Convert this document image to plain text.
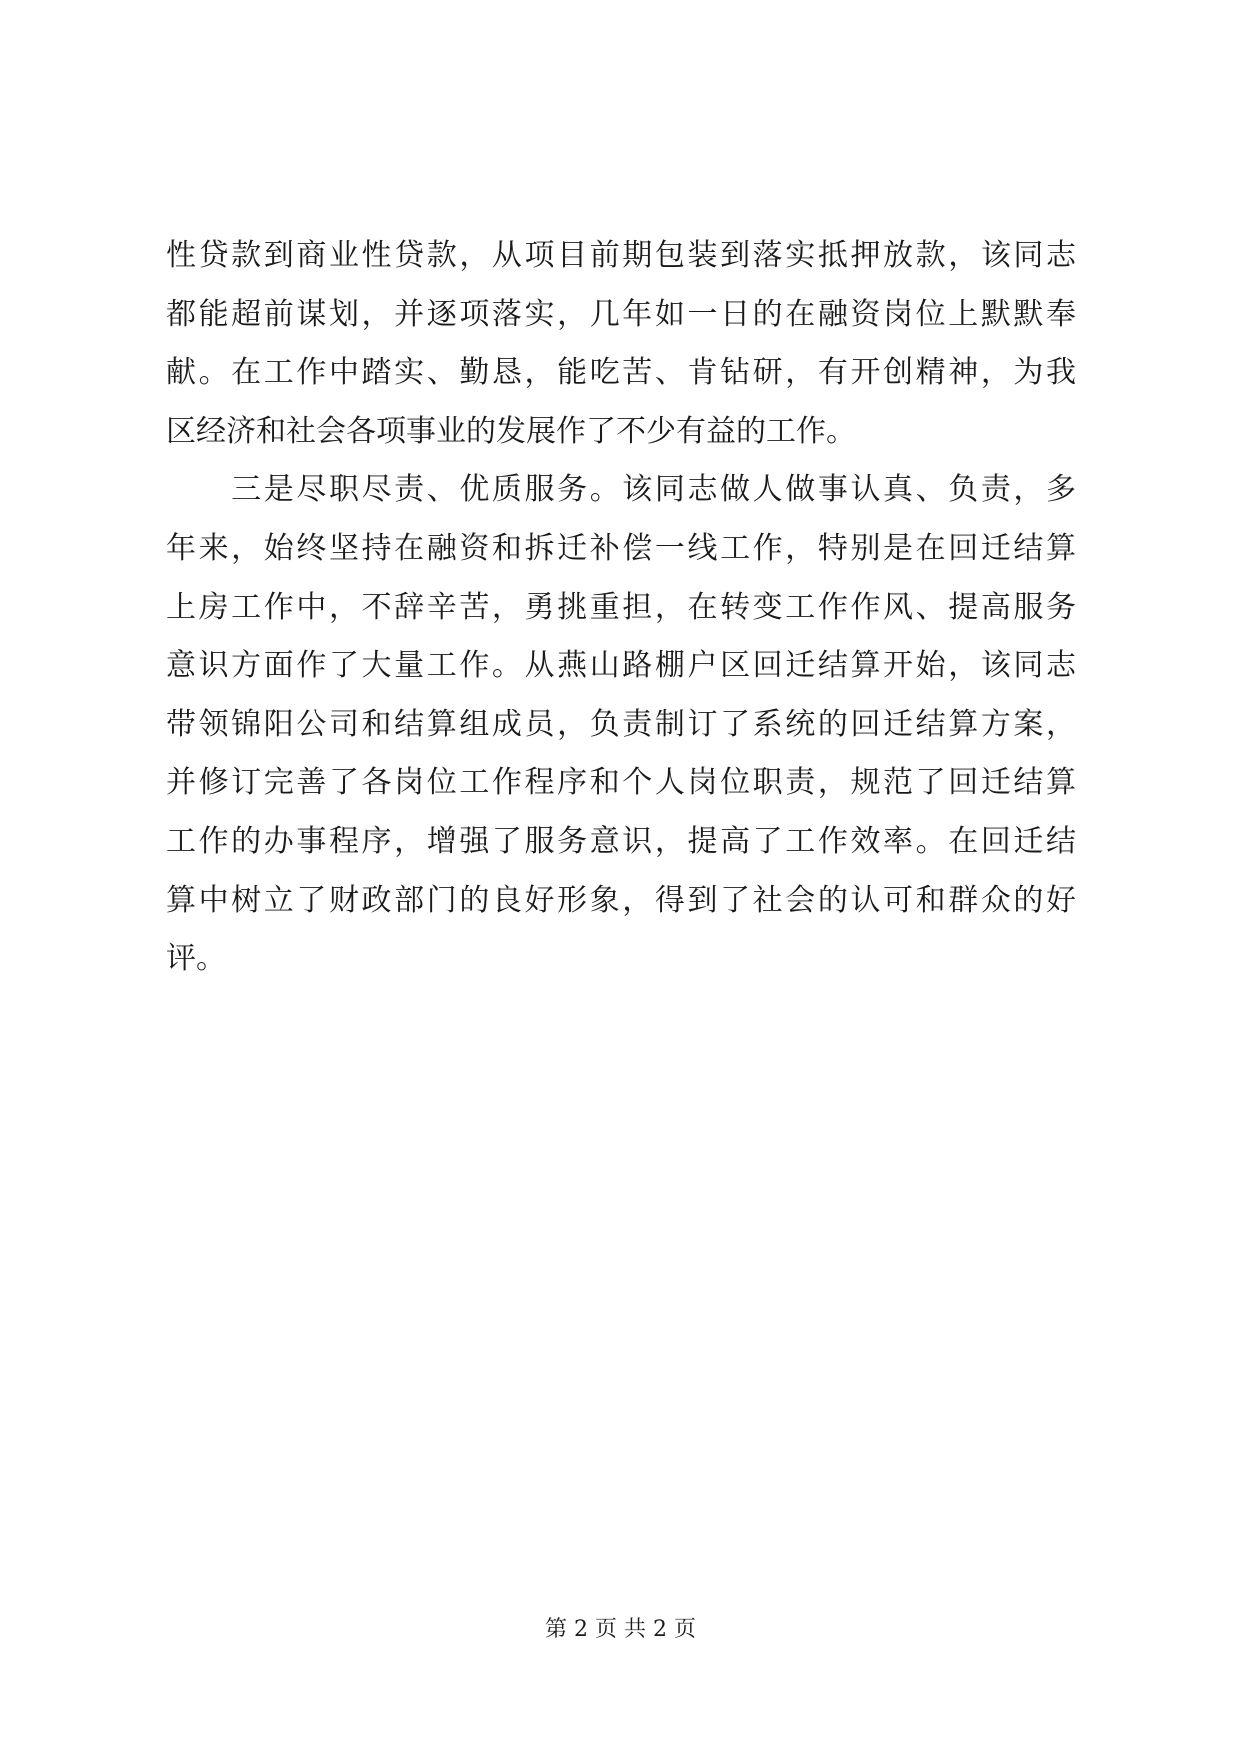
性贷款到商业性贷款，从项目前期包装到落实抵押放款，该同志
都能超前谋划，并逐项落实，几年如一日的在融资岗位上默默奉
献。在工作中踏实、勤恳，能吃苦、肯钻研，有开创精神，为我
区经济和社会各项事业的发展作了不少有益的工作。
　　三是尽职尽责、优质服务。该同志做人做事认真、负责，多
年来，始终坚持在融资和拆迁补偿一线工作，特别是在回迁结算
上房工作中，不辞辛苦，勇挑重担，在转变工作作风、提高服务
意识方面作了大量工作。从燕山路棚户区回迁结算开始，该同志
带领锦阳公司和结算组成员，负责制订了系统的回迁结算方案，
并修订完善了各岗位工作程序和个人岗位职责，规范了回迁结算
工作的办事程序，增强了服务意识，提高了工作效率。在回迁结
算中树立了财政部门的良好形象，得到了社会的认可和群众的好
评。
第 2 页 共 2 页
